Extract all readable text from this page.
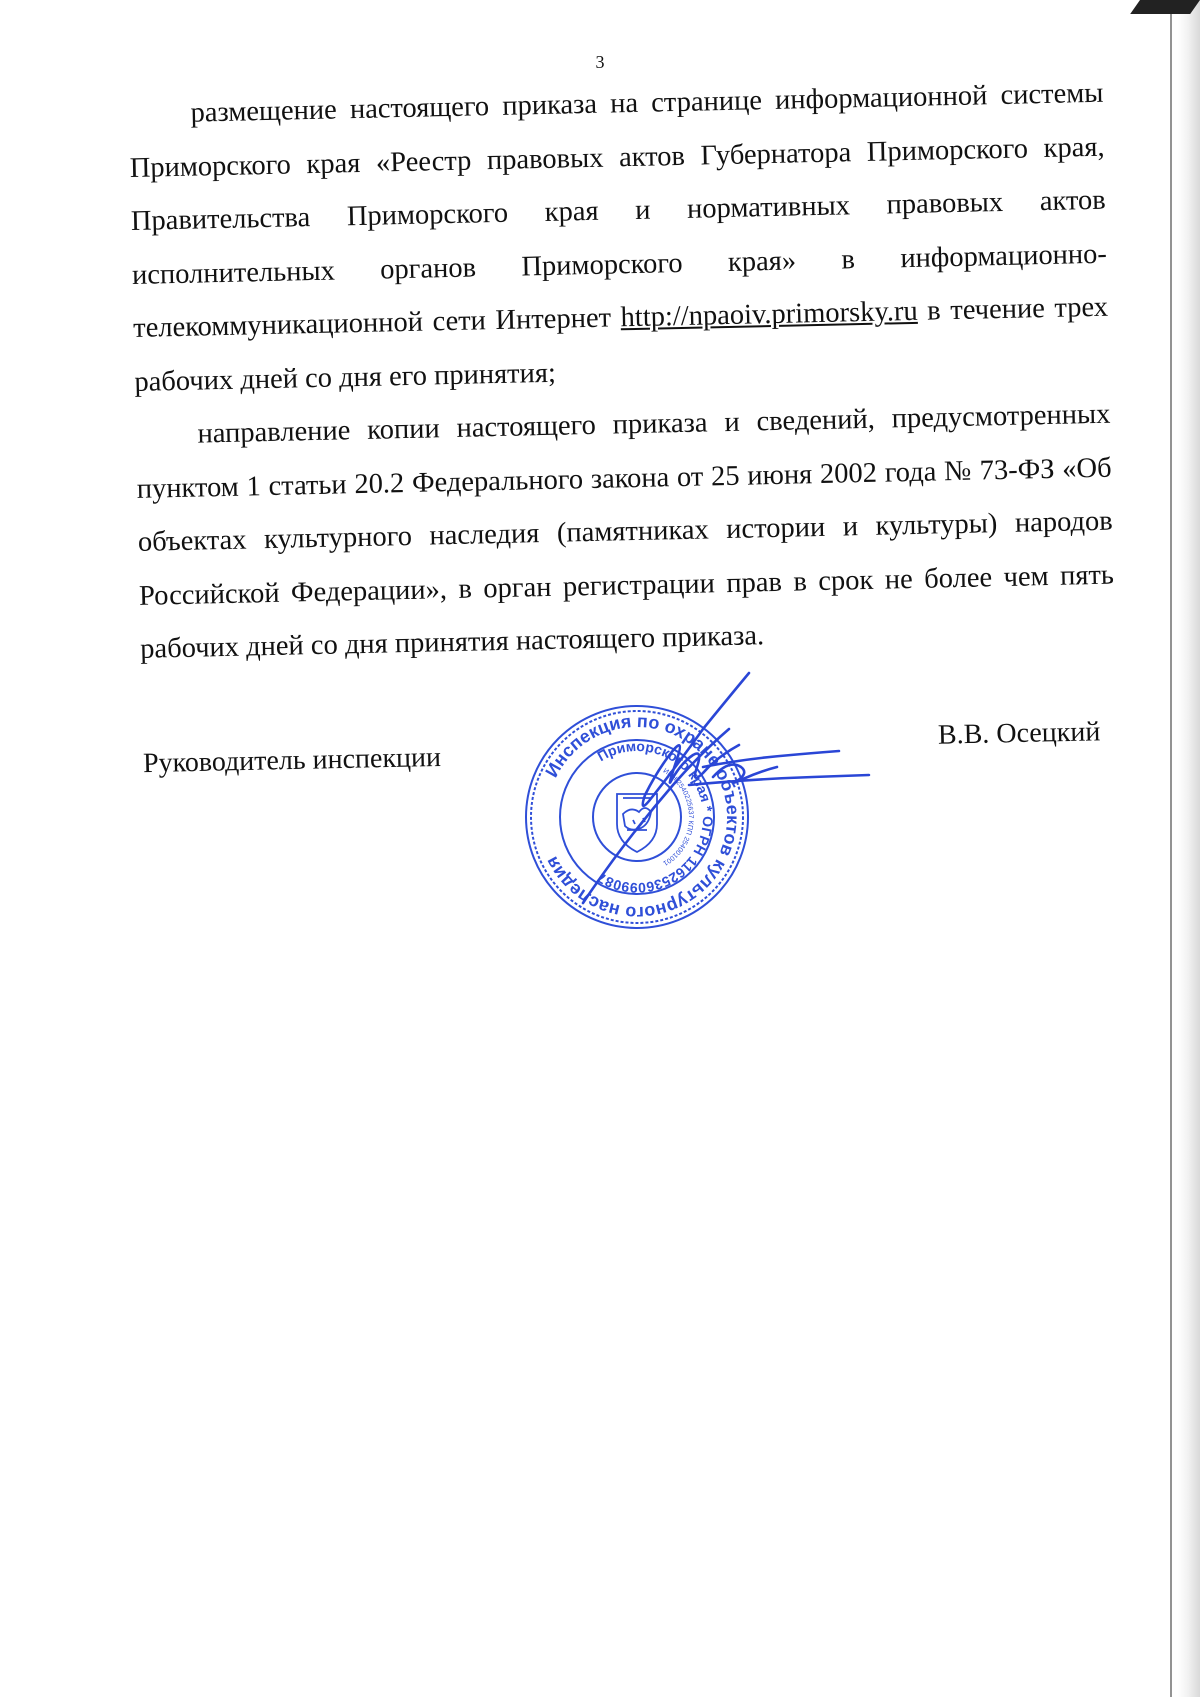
3

размещение настоящего приказа на странице информационной системы Приморского края «Реестр правовых актов Губернатора Приморского края, Правительства Приморского края и нормативных правовых актов исполнительных органов Приморского края» в информационно-телекоммуникационной сети Интернет http://npaoiv.primorsky.ru в течение трех рабочих дней со дня его принятия;

направление копии настоящего приказа и сведений, предусмотренных пунктом 1 статьи 20.2 Федерального закона от 25 июня 2002 года № 73-ФЗ «Об объектах культурного наследия (памятниках истории и культуры) народов Российской Федерации», в орган регистрации прав в срок не более чем пять рабочих дней со дня принятия настоящего приказа.

Руководитель инспекции
В.В. Осецкий
Инспекция по охране объектов культурного наследия
Приморского края * ОГРН 1162536099087
ИНН 2540225637 КПП 254001001
